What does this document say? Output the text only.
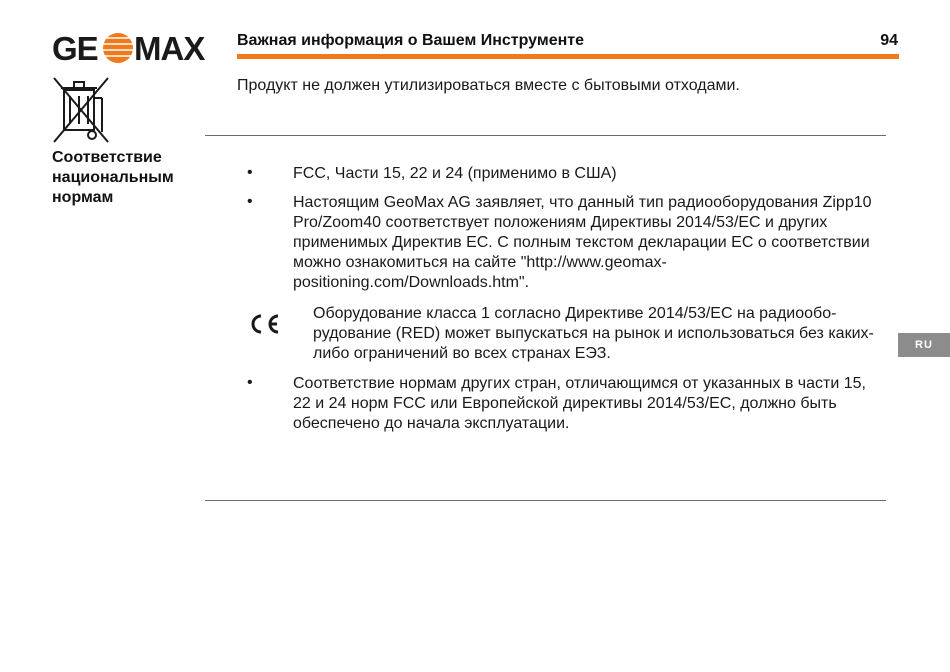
GE MAX Важная информация о Вашем Инструменте	94
Продукт не должен утилизироваться вместе с бытовыми отходами.
Соответствие национальным нормам
•	FCC, Части 15, 22 и 24 (применимо в США)
•	Настоящим GeoMax AG заявляет, что данный тип радиооборудования Zipp10 Pro/Zoom40 соответствует положениям Директивы 2014/53/EC и других применимых Директив ЕС. С полным текстом декларации ЕС о соответствии можно ознакомиться на сайте "http://www.geomax-positioning.com/Downloads.htm".
Оборудование класса 1 согласно Директиве 2014/53/EC на радиообо-рудование (RED) может выпускаться на рынок и использоваться без каких-либо ограничений во всех странах ЕЭЗ.
•	Соответствие нормам других стран, отличающимся от указанных в части 15, 22 и 24 норм FCC или Европейской директивы 2014/53/EC, должно быть обеспечено до начала эксплуатации.
RU
